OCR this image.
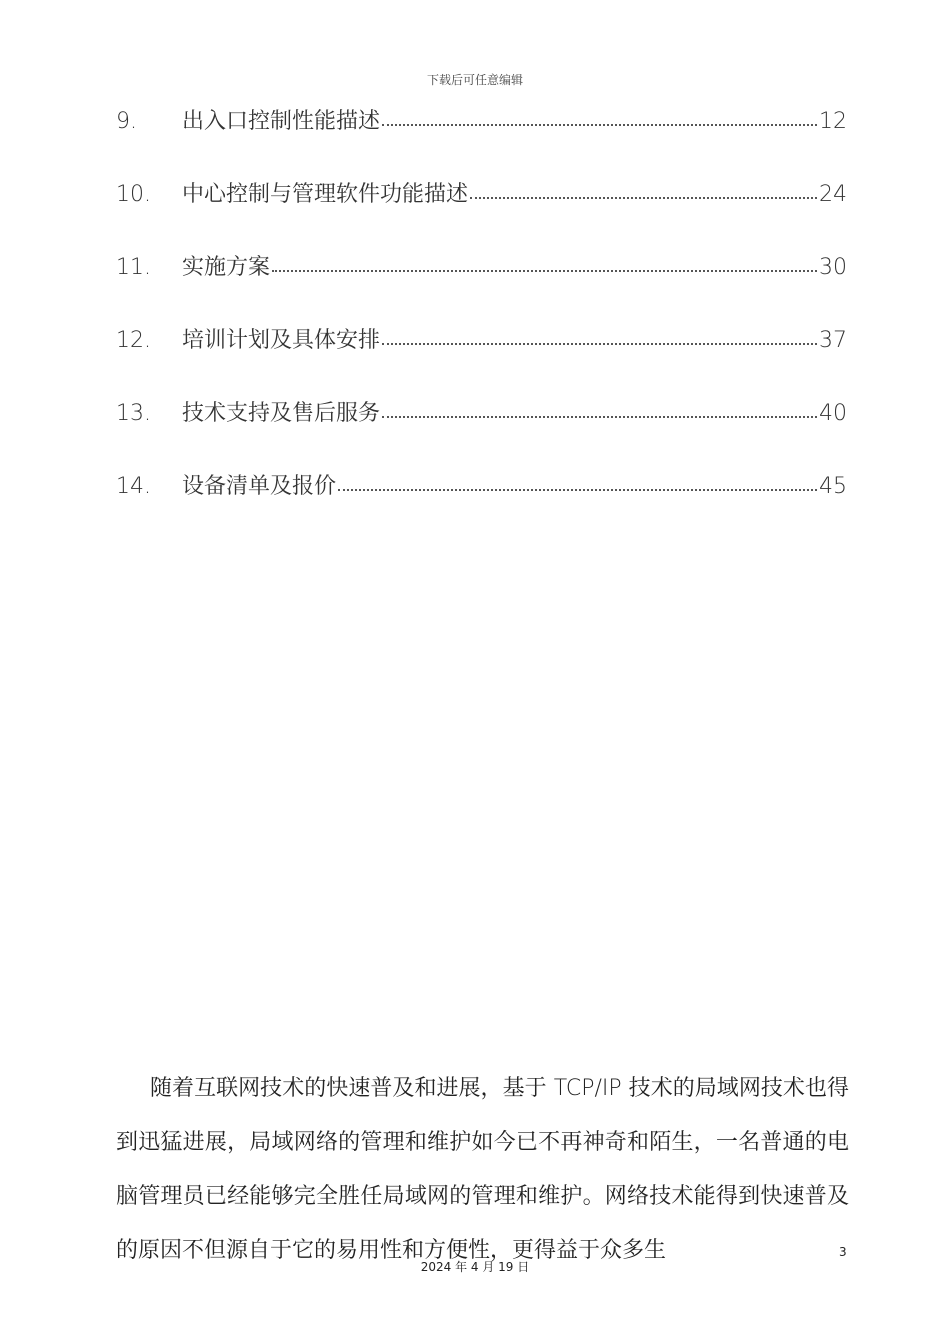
下载后可任意编辑
9.	出入口控制性能描述	12
10.	中心控制与管理软件功能描述	24
11.	实施方案	30
12.	培训计划及具体安排	37
13.	技术支持及售后服务	40
14.	设备清单及报价	45

随着互联网技术的快速普及和进展，基于 TCP/IP 技术的局域网技术也得到迅猛进展，局域网络的管理和维护如今已不再神奇和陌生，一名普通的电脑管理员已经能够完全胜任局域网的管理和维护。网络技术能得到快速普及的原因不但源自于它的易用性和方便性，更得益于众多生	3
2024 年 4 月 19 日
